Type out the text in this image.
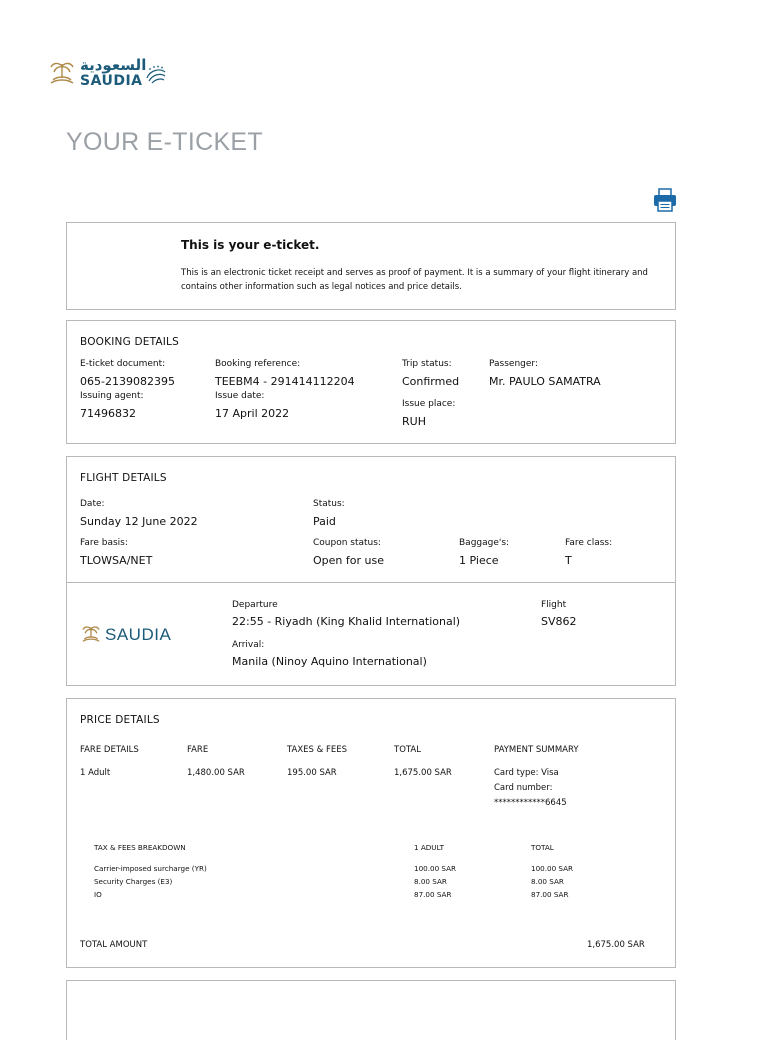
السعودية
SAUDIA
YOUR E-TICKET
This is your e-ticket.
This is an electronic ticket receipt and serves as proof of payment. It is a summary of your flight itinerary and contains other information such as legal notices and price details.
BOOKING DETAILS
E-ticket document:
065-2139082395
Issuing agent:
71496832
Booking reference:
TEEBM4 - 291414112204
Issue date:
17 April 2022
Trip status:
Confirmed
Issue place:
RUH
Passenger:
Mr. PAULO SAMATRA
FLIGHT DETAILS
Date:
Sunday 12 June 2022
Status:
Paid
Fare basis:
TLOWSA/NET
Coupon status:
Open for use
Baggage's:
1 Piece
Fare class:
T
SAUDIA
Departure
22:55 - Riyadh (King Khalid International)
Arrival:
Manila (Ninoy Aquino International)
Flight
SV862
PRICE DETAILS
FARE DETAILS	FARE	TAXES & FEES	TOTAL	PAYMENT SUMMARY
1 Adult	1,480.00 SAR	195.00 SAR	1,675.00 SAR	Card type: Visa
Card number:
************6645
TAX & FEES BREAKDOWN	1 ADULT	TOTAL
Carrier-imposed surcharge (YR)	100.00 SAR	100.00 SAR
Security Charges (E3)	8.00 SAR	8.00 SAR
IO	87.00 SAR	87.00 SAR
TOTAL AMOUNT	1,675.00 SAR
